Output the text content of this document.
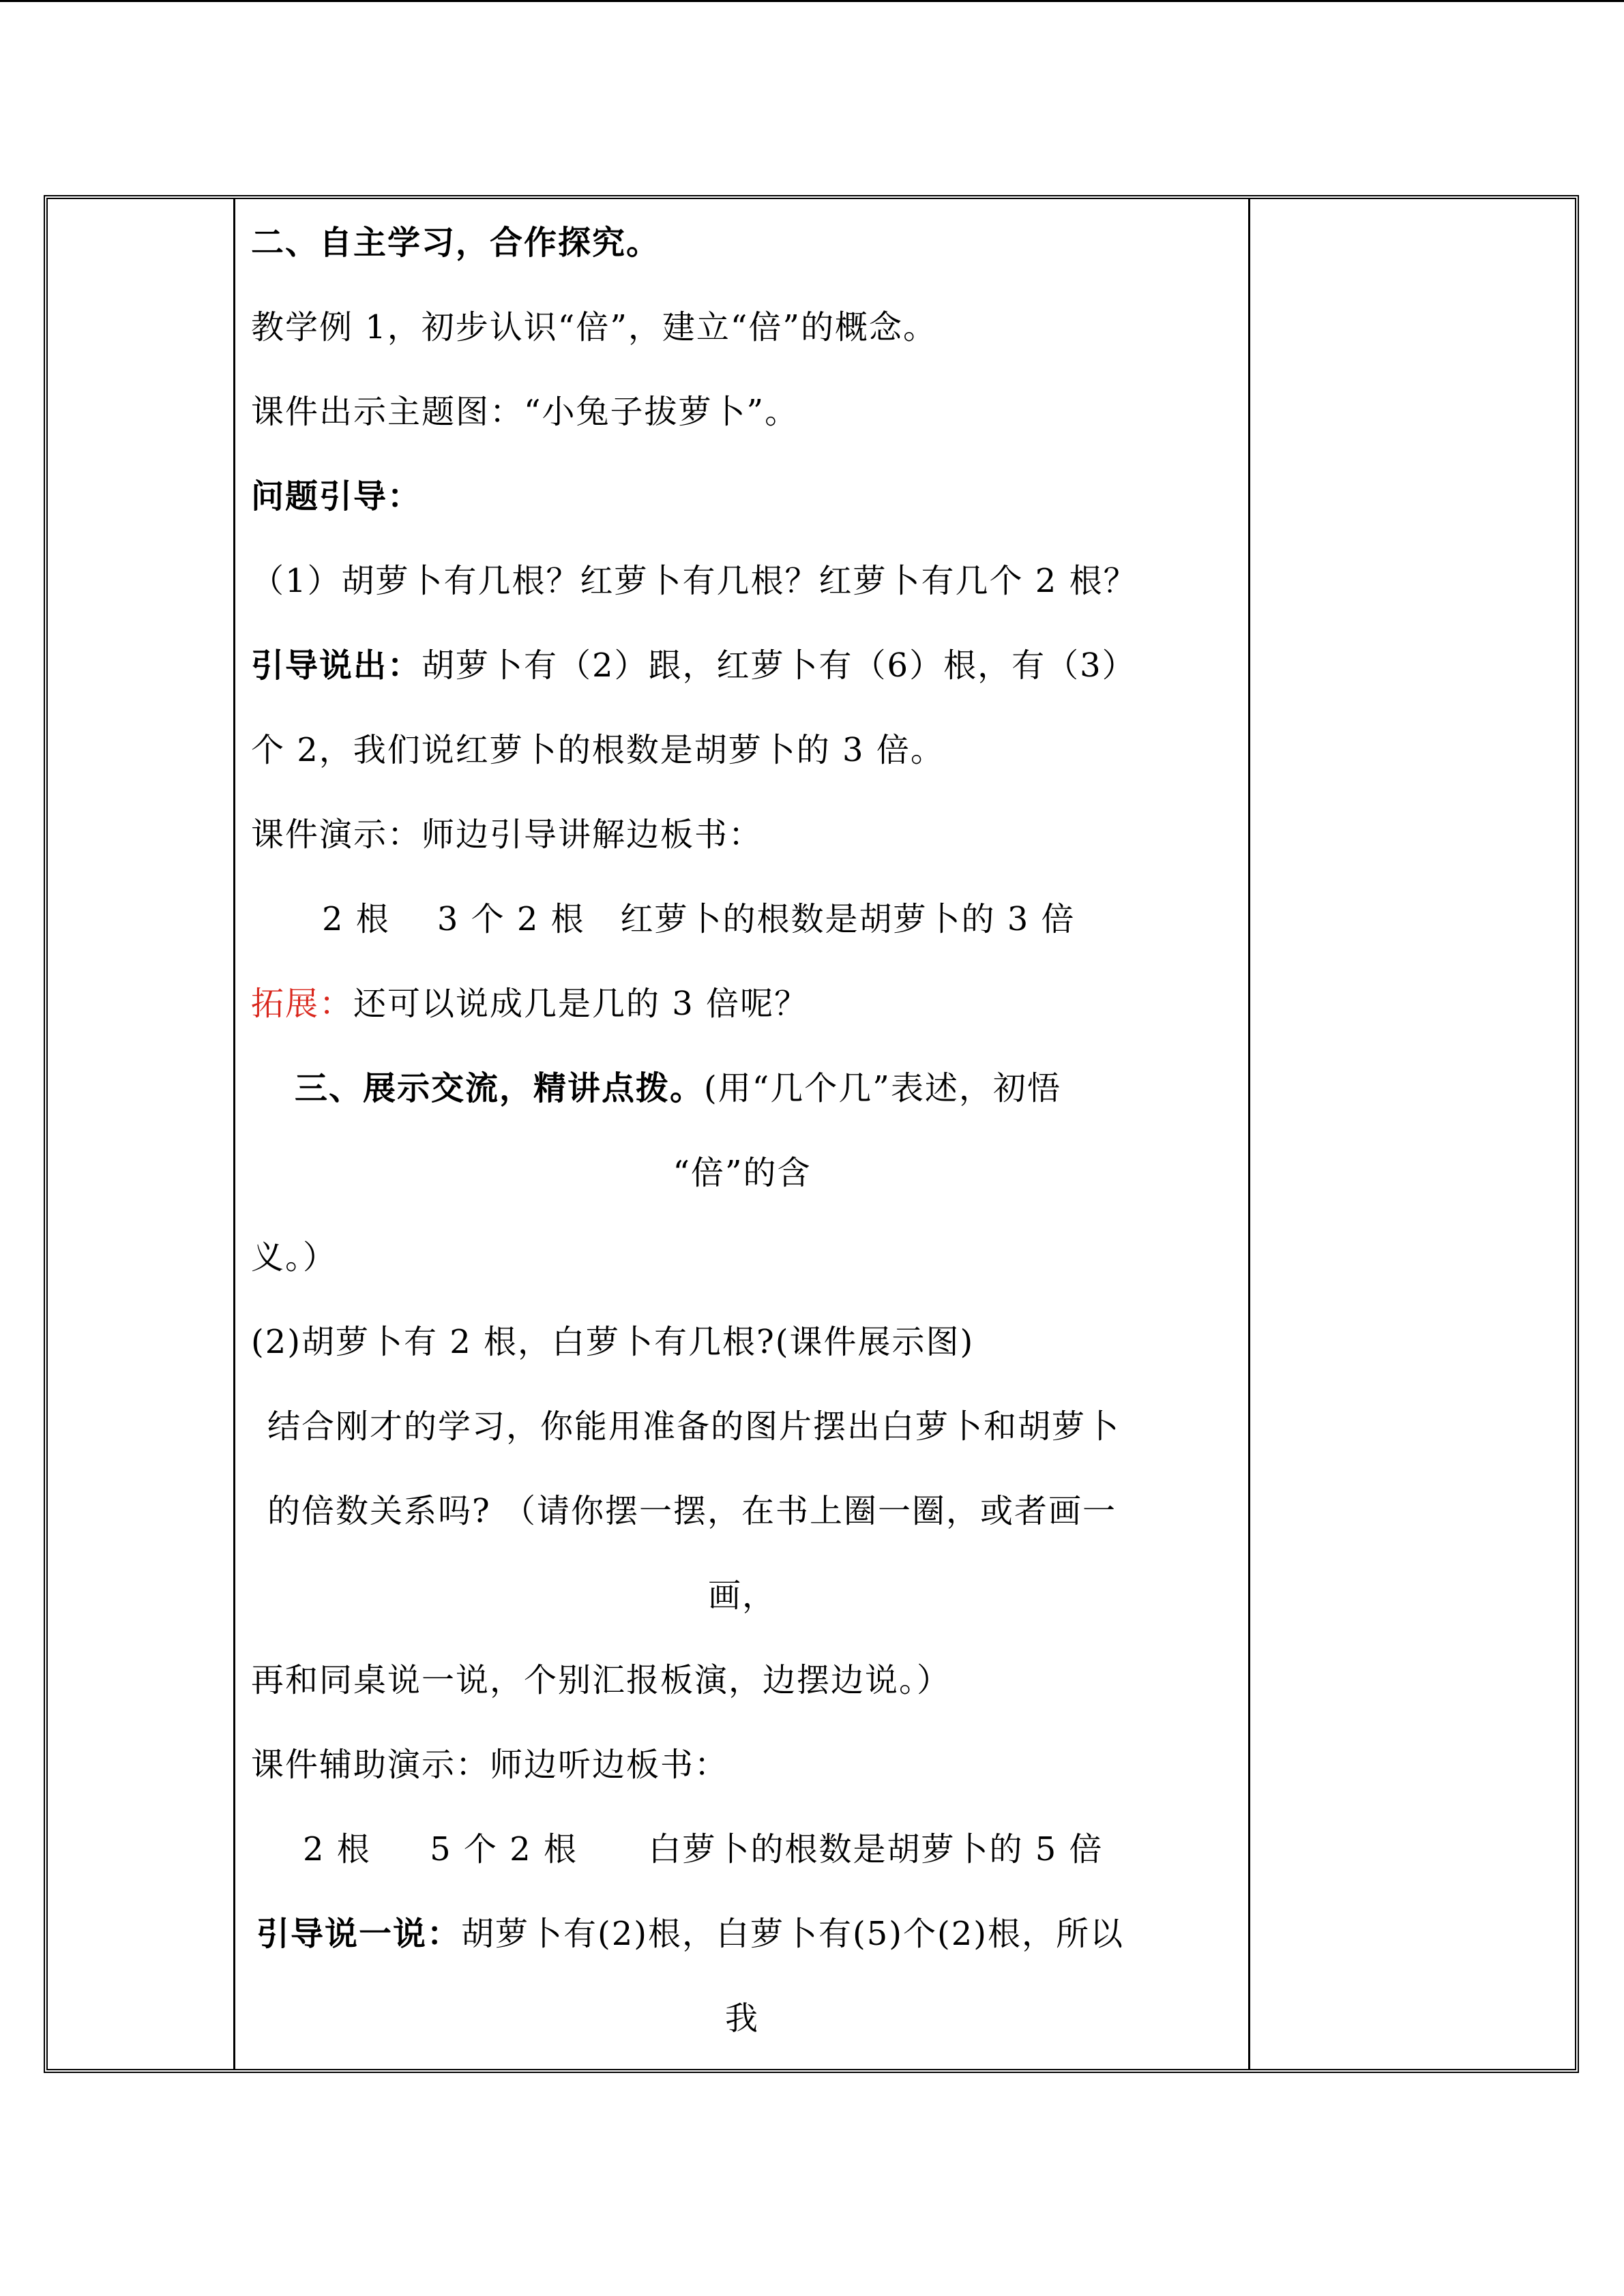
二、自主学习，合作探究。
教学例 1，初步认识“倍”，建立“倍”的概念。
课件出示主题图：“小兔子拔萝卜”。
问题引导：
（1）胡萝卜有几根？红萝卜有几根？红萝卜有几个 2 根？
引导说出：胡萝卜有（2）跟，红萝卜有（6）根，有（3）
个 2，我们说红萝卜的根数是胡萝卜的 3 倍。
课件演示：师边引导讲解边板书：
2 根    3 个 2 根   红萝卜的根数是胡萝卜的 3 倍
拓展：还可以说成几是几的 3 倍呢？
三、展示交流，精讲点拨。(用“几个几”表述，初悟
“倍”的含
义。）
(2)胡萝卜有 2 根，白萝卜有几根?(课件展示图)
结合刚才的学习，你能用准备的图片摆出白萝卜和胡萝卜
的倍数关系吗? （请你摆一摆，在书上圈一圈，或者画一
画，
再和同桌说一说，个别汇报板演，边摆边说。）
课件辅助演示：师边听边板书：
2 根     5 个 2 根      白萝卜的根数是胡萝卜的 5 倍
引导说一说：胡萝卜有(2)根，白萝卜有(5)个(2)根，所以
我
